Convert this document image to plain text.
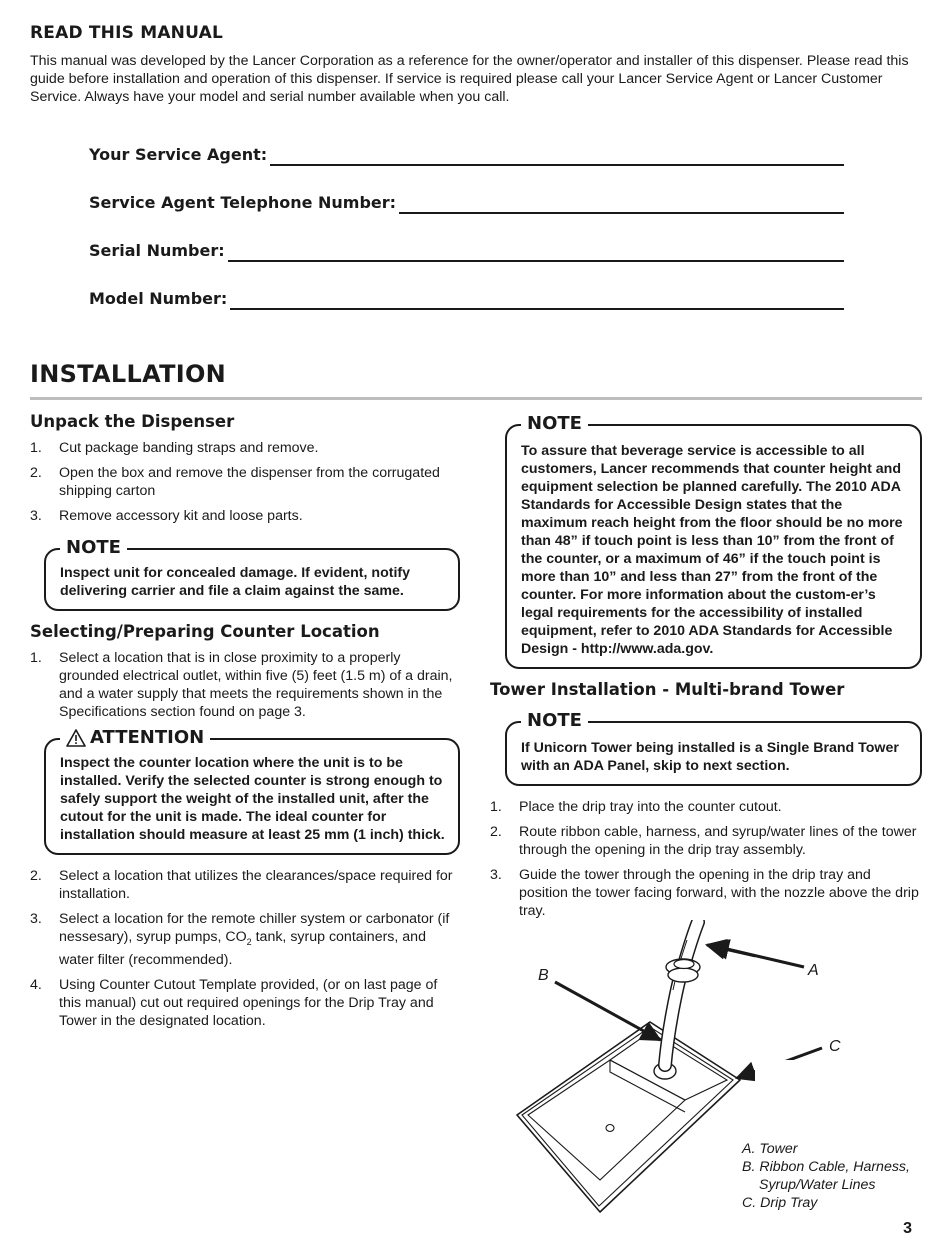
READ THIS MANUAL

This manual was developed by the Lancer Corporation as a reference for the owner/operator and installer of this dispenser. Please read this guide before installation and operation of this dispenser. If service is required please call your Lancer Service Agent or Lancer Customer Service. Always have your model and serial number available when you call.

Your Service Agent:
Service Agent Telephone Number:
Serial Number:
Model Number:
INSTALLATION
Unpack the Dispenser
1. Cut package banding straps and remove.
2. Open the box and remove the dispenser from the corrugated shipping carton
3. Remove accessory kit and loose parts.
NOTE
Inspect unit for concealed damage. If evident, notify delivering carrier and file a claim against the same.
Selecting/Preparing Counter Location
1. Select a location that is in close proximity to a properly grounded electrical outlet, within five (5) feet (1.5 m) of a drain, and a water supply that meets the requirements shown in the Specifications section found on page 3.
ATTENTION
Inspect the counter location where the unit is to be installed. Verify the selected counter is strong enough to safely support the weight of the installed unit, after the cutout for the unit is made. The ideal counter for installation should measure at least 25 mm (1 inch) thick.
2. Select a location that utilizes the clearances/space required for installation.
3. Select a location for the remote chiller system or carbonator (if nessesary), syrup pumps, $CO_2$ tank, syrup containers, and water filter (recommended).
4. Using Counter Cutout Template provided, (or on last page of this manual) cut out required openings for the Drip Tray and Tower in the designated location.
NOTE
To assure that beverage service is accessible to all customers, Lancer recommends that counter height and equipment selection be planned carefully. The 2010 ADA Standards for Accessible Design states that the maximum reach height from the floor should be no more than 48” if touch point is less than 10” from the front of the counter, or a maximum of 46” if the touch point is more than 10” and less than 27” from the front of the counter. For more information about the custom-er’s legal requirements for the accessibility of installed equipment, refer to 2010 ADA Standards for Accessible Design - http://www.ada.gov.
Tower Installation - Multi-brand Tower
NOTE
If Unicorn Tower being installed is a Single Brand Tower with an ADA Panel, skip to next section.
1. Place the drip tray into the counter cutout.
2. Route ribbon cable, harness, and syrup/water lines of the tower through the opening in the drip tray assembly.
3. Guide the tower through the opening in the drip tray and position the tower facing forward, with the nozzle above the drip tray.
A
B
C
A. Tower
B. Ribbon Cable, Harness,
Syrup/Water Lines
C. Drip Tray
3
